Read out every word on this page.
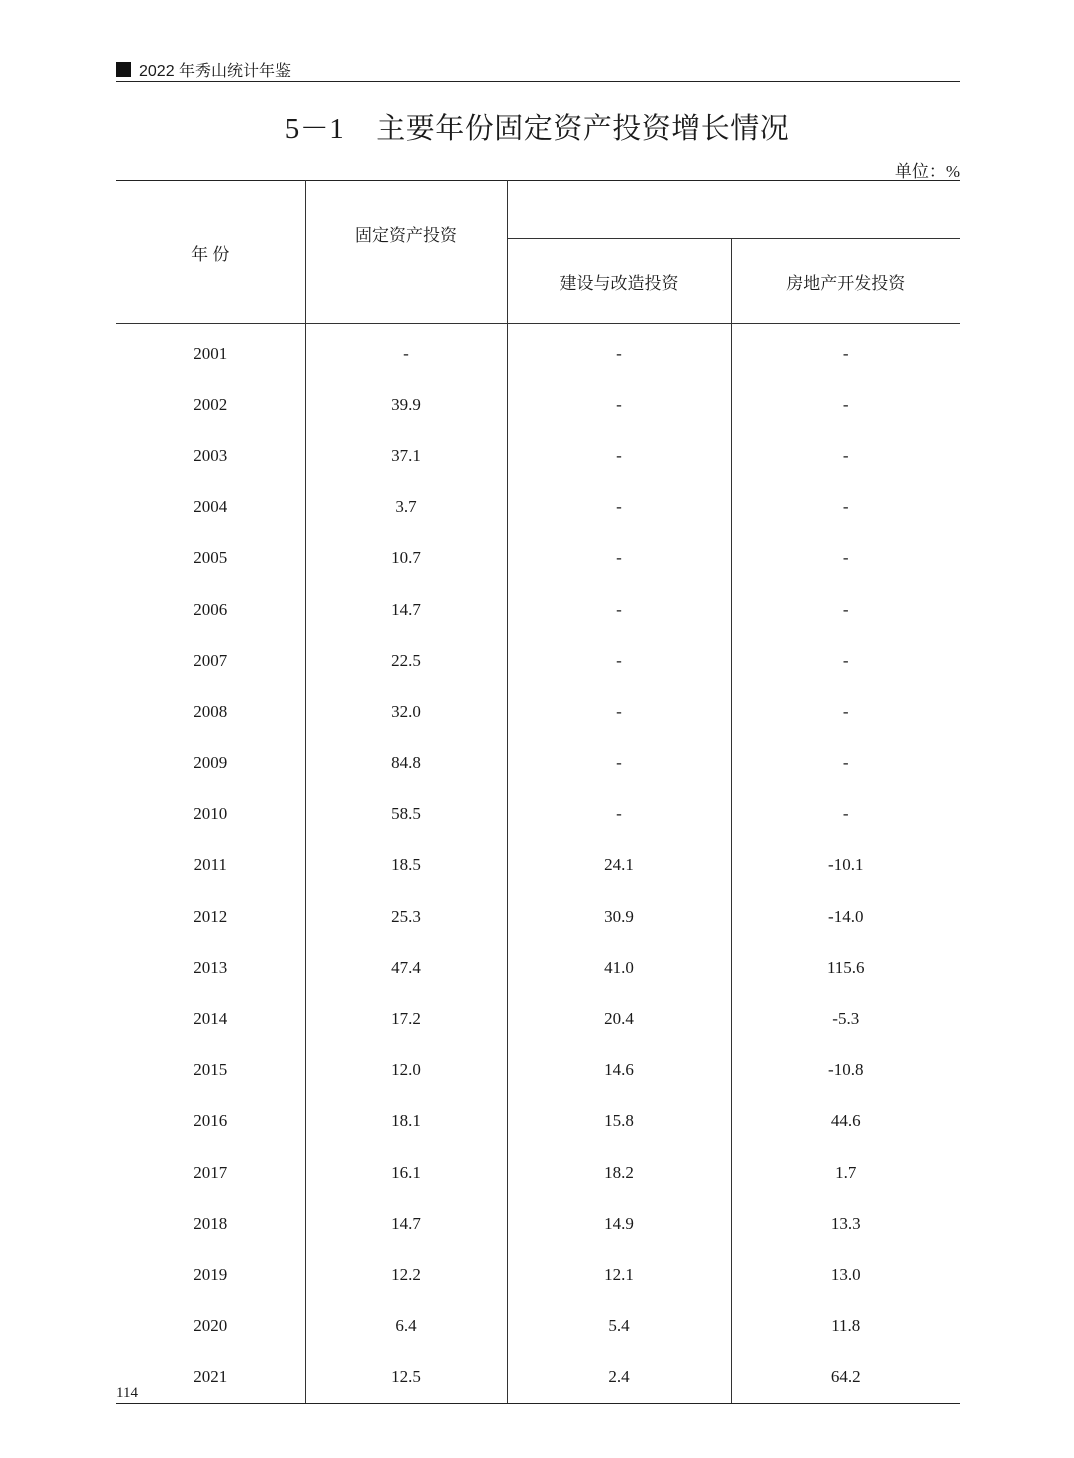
2022 年秀山统计年鉴
5－1 主要年份固定资产投资增长情况
单位：%
年 份	固定资产投资		
		建设与改造投资	房地产开发投资
2001	-	-	-
2002	39.9	-	-
2003	37.1	-	-
2004	3.7	-	-
2005	10.7	-	-
2006	14.7	-	-
2007	22.5	-	-
2008	32.0	-	-
2009	84.8	-	-
2010	58.5	-	-
2011	18.5	24.1	-10.1
2012	25.3	30.9	-14.0
2013	47.4	41.0	115.6
2014	17.2	20.4	-5.3
2015	12.0	14.6	-10.8
2016	18.1	15.8	44.6
2017	16.1	18.2	1.7
2018	14.7	14.9	13.3
2019	12.2	12.1	13.0
2020	6.4	5.4	11.8
2021	12.5	2.4	64.2
114
